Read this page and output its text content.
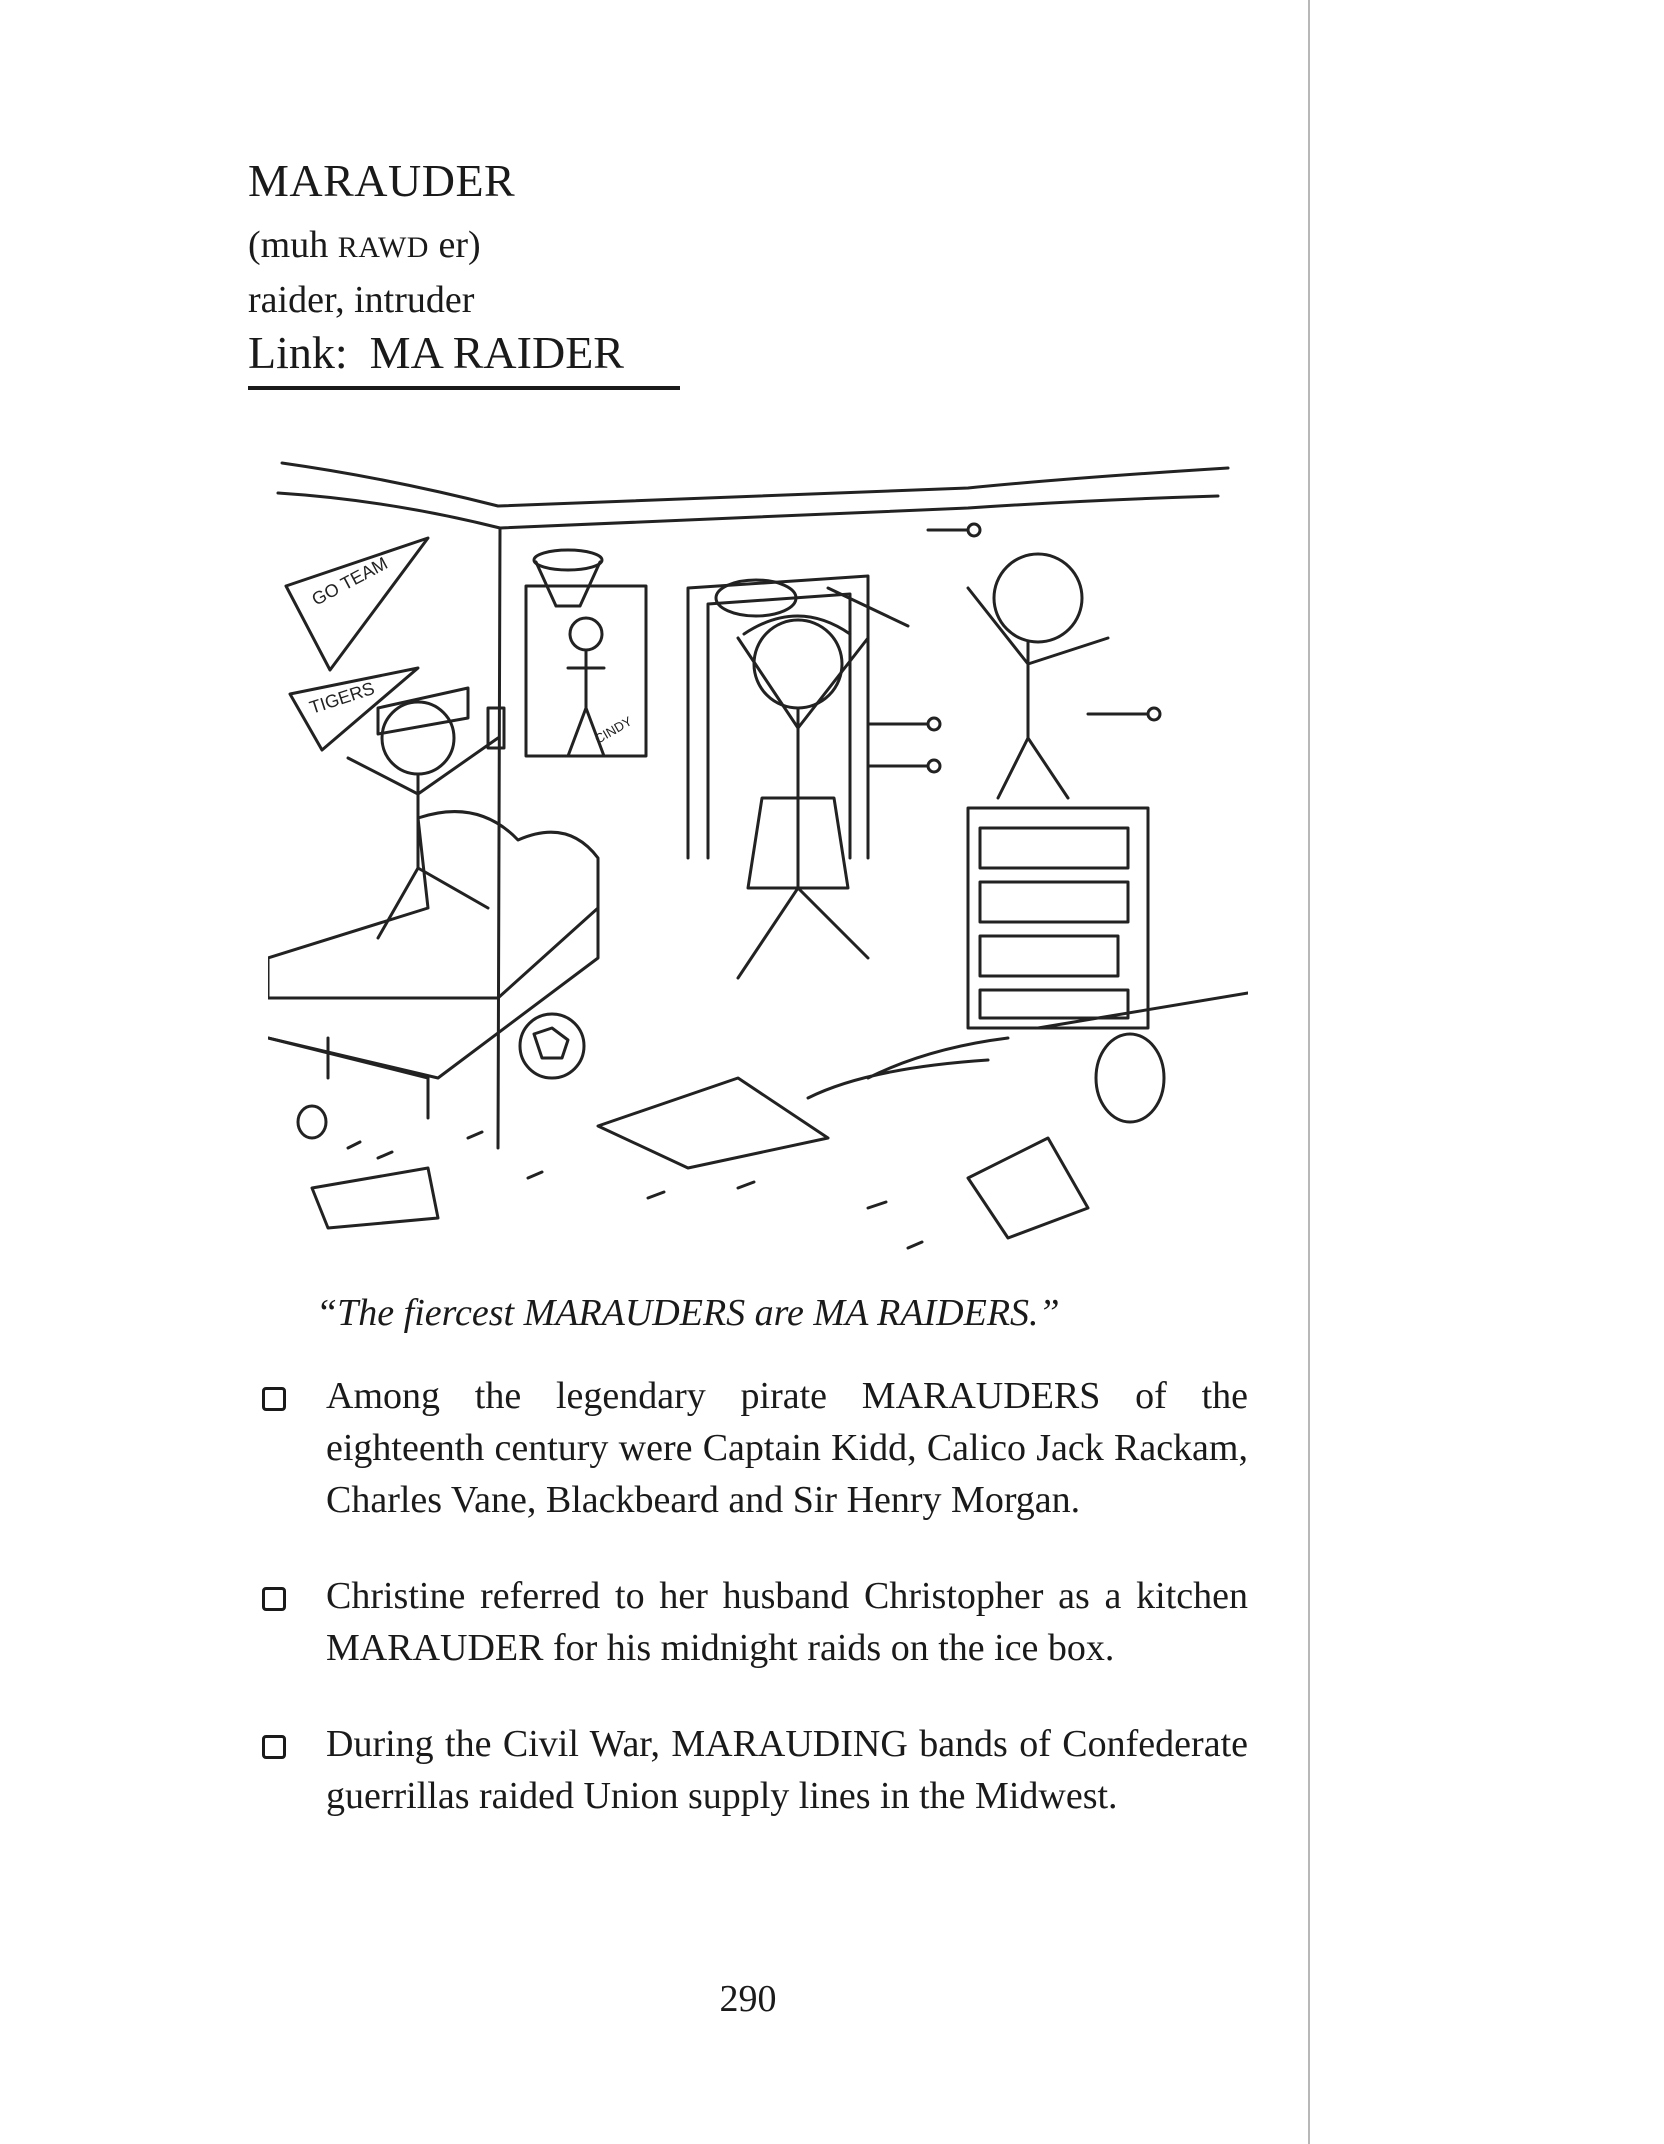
MARAUDER
(muh RAWD er)
raider, intruder
Link: MA RAIDER
GO TEAM
TIGERS
CINDY
“The fiercest MARAUDERS are MA RAIDERS.”
Among the legendary pirate MARAUDERS of the eighteenth century were Captain Kidd, Calico Jack Rackam, Charles Vane, Blackbeard and Sir Henry Morgan.
Christine referred to her husband Christopher as a kitchen MARAUDER for his midnight raids on the ice box.
During the Civil War, MARAUDING bands of Confederate guerrillas raided Union supply lines in the Midwest.
290
